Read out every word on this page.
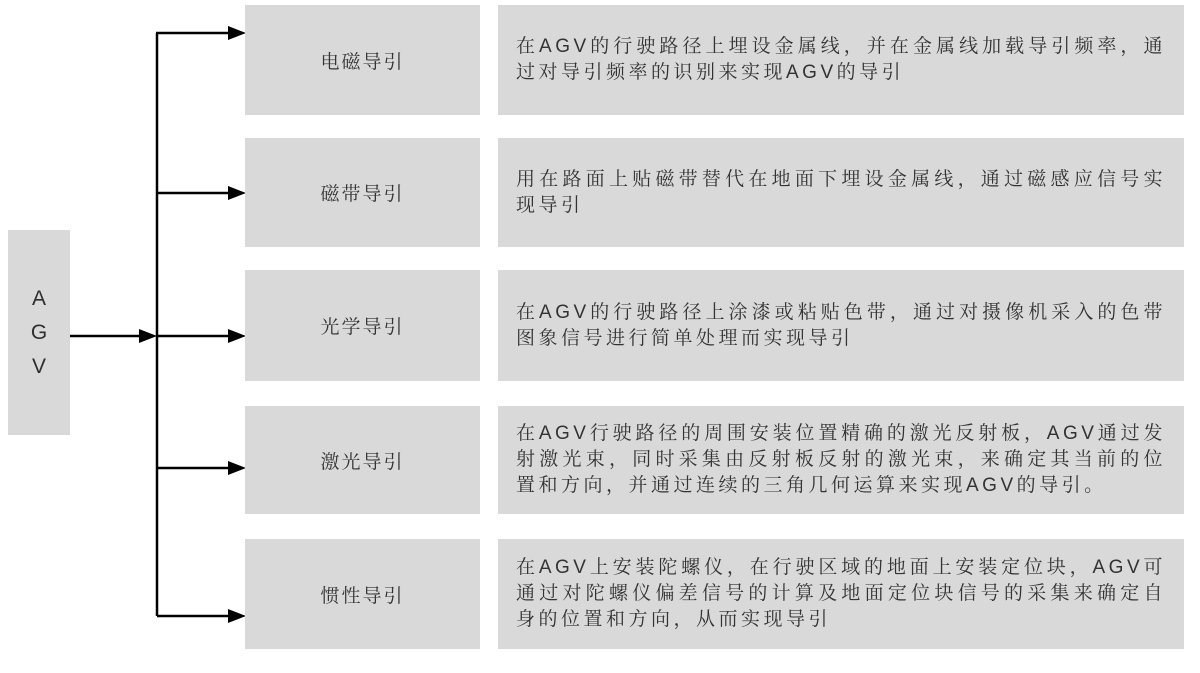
AGV
电磁导引
在AGV的行驶路径上埋设金属线，并在金属线加载导引频率，通过对导引频率的识别来实现AGV的导引
磁带导引
用在路面上贴磁带替代在地面下埋设金属线，通过磁感应信号实现导引
光学导引
在AGV的行驶路径上涂漆或粘贴色带，通过对摄像机采入的色带图象信号进行简单处理而实现导引
激光导引
在AGV行驶路径的周围安装位置精确的激光反射板，AGV通过发射激光束，同时采集由反射板反射的激光束，来确定其当前的位置和方向，并通过连续的三角几何运算来实现AGV的导引。
惯性导引
在AGV上安装陀螺仪，在行驶区域的地面上安装定位块，AGV可通过对陀螺仪偏差信号的计算及地面定位块信号的采集来确定自身的位置和方向，从而实现导引
